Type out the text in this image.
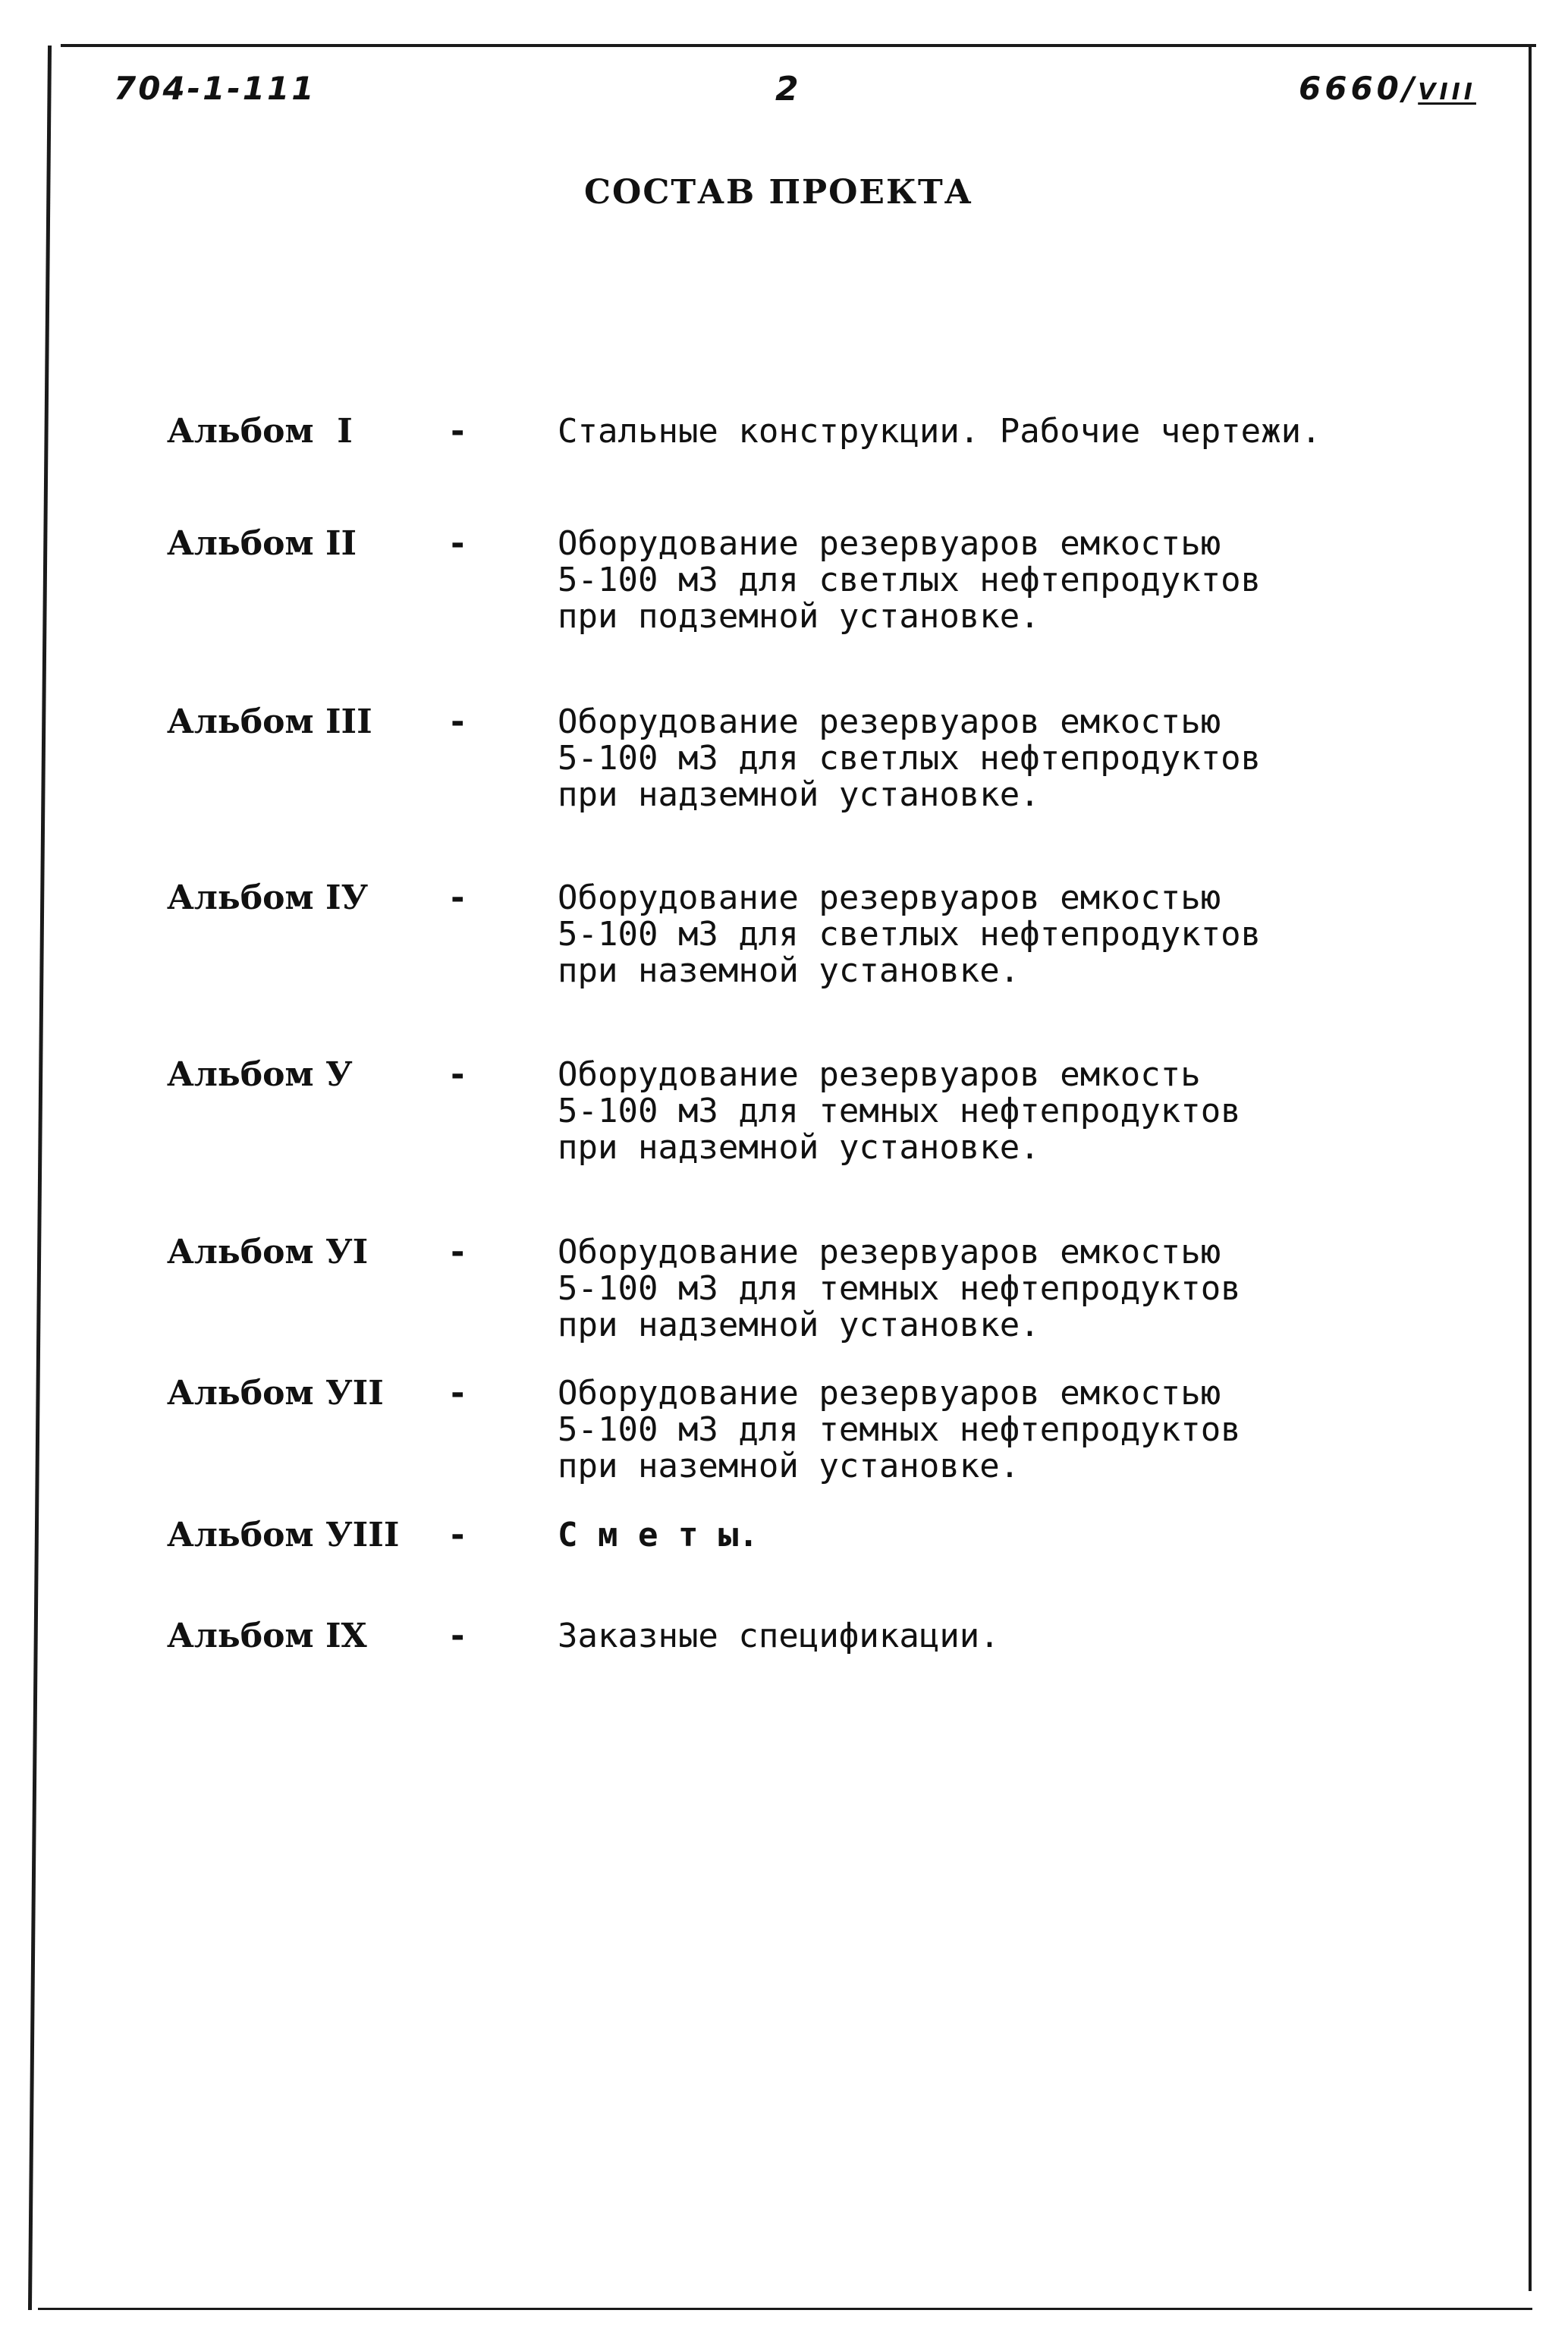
704-1-111	2	6660/VIII
СОСТАВ ПРОЕКТА
Альбом  I	-	Стальные конструкции. Рабочие чертежи.
Альбом II	-	Оборудование резервуаров емкостью
5-100 м3 для светлых нефтепродуктов
при подземной установке.
Альбом III -	Оборудование резервуаров емкостью
5-100 м3 для светлых нефтепродуктов
при надземной установке.
Альбом IУ -	Оборудование резервуаров емкостью
5-100 м3 для светлых нефтепродуктов
при наземной установке.
Альбом У	-	Оборудование резервуаров емкость
5-100 м3 для темных нефтепродуктов
при надземной установке.
Альбом УI -	Оборудование резервуаров емкостью
5-100 м3 для темных нефтепродуктов
при надземной установке.
Альбом УII -	Оборудование резервуаров емкостью
5-100 м3 для темных нефтепродуктов
при наземной установке.
Альбом УIII -	С м е т ы.
Альбом IX -	Заказные спецификации.
